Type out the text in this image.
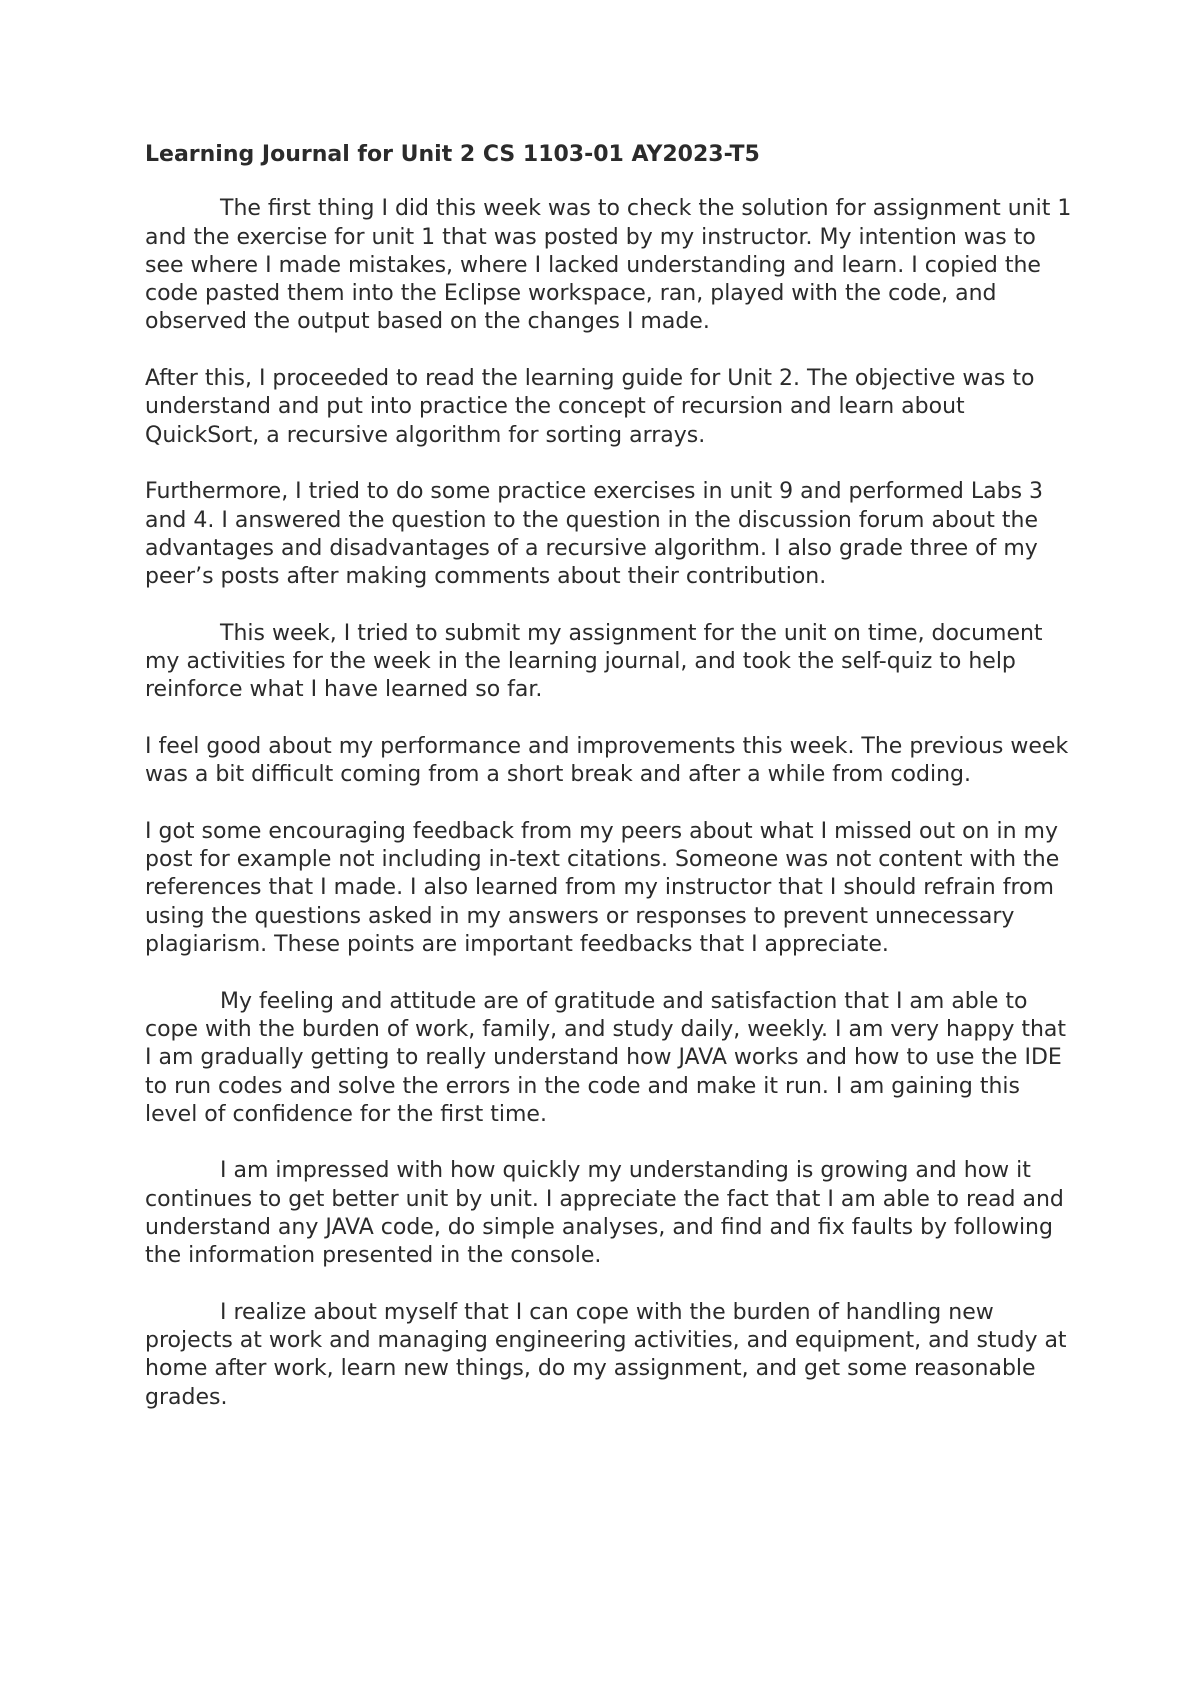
Learning Journal for Unit 2 CS 1103-01 AY2023-T5

The first thing I did this week was to check the solution for assignment unit 1 and the exercise for unit 1 that was posted by my instructor. My intention was to see where I made mistakes, where I lacked understanding and learn. I copied the code pasted them into the Eclipse workspace, ran, played with the code, and observed the output based on the changes I made.

After this, I proceeded to read the learning guide for Unit 2. The objective was to understand and put into practice the concept of recursion and learn about QuickSort, a recursive algorithm for sorting arrays.

Furthermore, I tried to do some practice exercises in unit 9 and performed Labs 3 and 4. I answered the question to the question in the discussion forum about the advantages and disadvantages of a recursive algorithm. I also grade three of my peer’s posts after making comments about their contribution.

This week, I tried to submit my assignment for the unit on time, document my activities for the week in the learning journal, and took the self-quiz to help reinforce what I have learned so far.

I feel good about my performance and improvements this week. The previous week was a bit difficult coming from a short break and after a while from coding.

I got some encouraging feedback from my peers about what I missed out on in my post for example not including in-text citations. Someone was not content with the references that I made. I also learned from my instructor that I should refrain from using the questions asked in my answers or responses to prevent unnecessary plagiarism. These points are important feedbacks that I appreciate.

My feeling and attitude are of gratitude and satisfaction that I am able to cope with the burden of work, family, and study daily, weekly. I am very happy that I am gradually getting to really understand how JAVA works and how to use the IDE to run codes and solve the errors in the code and make it run. I am gaining this level of confidence for the first time.

I am impressed with how quickly my understanding is growing and how it continues to get better unit by unit. I appreciate the fact that I am able to read and understand any JAVA code, do simple analyses, and find and fix faults by following the information presented in the console.

I realize about myself that I can cope with the burden of handling new projects at work and managing engineering activities, and equipment, and study at home after work, learn new things, do my assignment, and get some reasonable grades.
